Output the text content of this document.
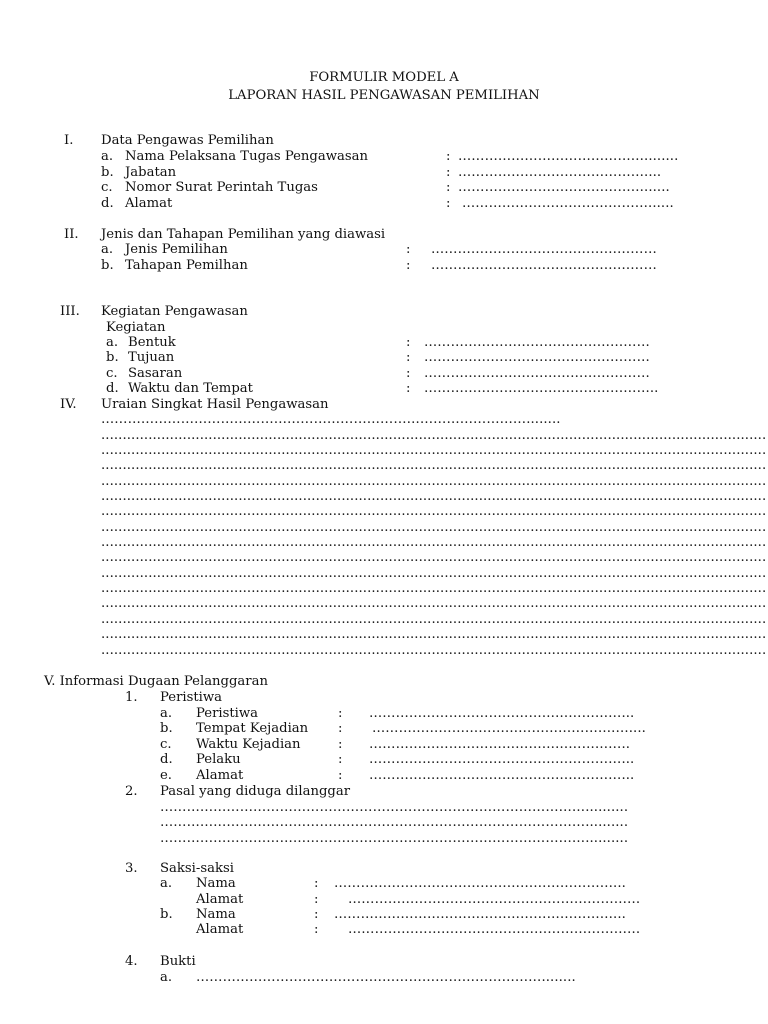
FORMULIR MODEL A
LAPORAN HASIL PENGAWASAN PEMILIHAN
I. Data Pengawas Pemilihan
a. Nama Pelaksana Tugas Pengawasan	: ……………………………………........
b. Jabatan	: ……………………………………....
c. Nomor Surat Perintah Tugas	: ……………………………………......
d. Alamat	: ……………………………………......
II. Jenis dan Tahapan Pemilihan yang diawasi
a. Jenis Pemilihan	: ……………………………………………
b. Tahapan Pemilhan	: ……………………………………………
III. Kegiatan Pengawasan
Kegiatan
a. Bentuk	: ……………………………………………
b. Tujuan	: ……………………………………………
c. Sasaran	: ……………………………………………
d. Waktu dan Tempat	: ……………………………………………..
IV. Uraian Singkat Hasil Pengawasan
……………………………………………………………………………………........
...........................................................................................................................................................
...........................................................................................................................................................
...........................................................................................................................................................
...........................................................................................................................................................
...........................................................................................................................................................
...........................................................................................................................................................
...........................................................................................................................................................
...........................................................................................................................................................
...........................................................................................................................................................
...........................................................................................................................................................
...........................................................................................................................................................
...........................................................................................................................................................
...........................................................................................................................................................
...........................................................................................................................................................
...........................................................................................................................................................
V. Informasi Dugaan Pelanggaran
1. Peristiwa
a. Peristiwa	: …………………………………………………...
b. Tempat Kejadian : ……………………………………………….…....
c. Waktu Kejadian	: …………………………………………………..
d. Pelaku	: …………………………………………………...
e. Alamat	: …………………………………………………...
2. Pasal yang diduga dilanggar
……………………………………………………………………………………..........
……………………………………………………………………………………..........
……………………………………………………………………………………..........
3. Saksi-saksi
a. Nama	: ………………………………………………………...
Alamat	: …………………………………………………………
b. Nama	: ………………………………………………………...
Alamat	: …………………………………………………………
4. Bukti
a. ……………………………………………………………………........
